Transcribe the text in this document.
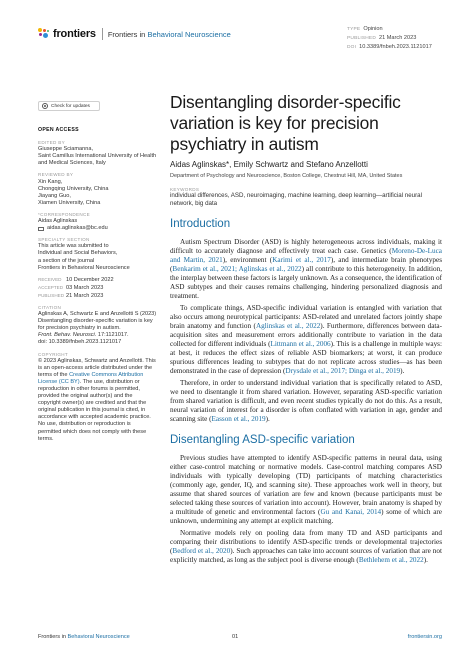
frontiers Frontiers in Behavioral Neuroscience	TYPE Opinion
PUBLISHED 21 March 2023
DOI 10.3389/fnbeh.2023.1121017
Check for updates
OPEN ACCESS
EDITED BY
Giuseppe Sciamanna,
Saint Camillus International University of Health
and Medical Sciences, Italy
REVIEWED BY
Xin Kang,
Chongqing University, China
Jiayang Guo,
Xiamen University, China
*CORRESPONDENCE
Aidas Aglinskas
aidas.aglinskas@bc.edu
SPECIALTY SECTION
This article was submitted to
Individual and Social Behaviors,
a section of the journal
Frontiers in Behavioral Neuroscience
RECEIVED 10 December 2022
ACCEPTED 03 March 2023
PUBLISHED 21 March 2023
CITATION
Aglinskas A, Schwartz E and Anzellotti S (2023)
Disentangling disorder-specific variation is key
for precision psychiatry in autism.
Front. Behav. Neurosci. 17:1121017.
doi: 10.3389/fnbeh.2023.1121017
COPYRIGHT
© 2023 Aglinskas, Schwartz and Anzellotti. This
is an open-access article distributed under the
terms of the Creative Commons Attribution
License (CC BY). The use, distribution or
reproduction in other forums is permitted,
provided the original author(s) and the
copyright owner(s) are credited and that the
original publication in this journal is cited, in
accordance with accepted academic practice.
No use, distribution or reproduction is
permitted which does not comply with these
terms.
Disentangling disorder-specific variation is key for precision psychiatry in autism
Aidas Aglinskas*, Emily Schwartz and Stefano Anzellotti
Department of Psychology and Neuroscience, Boston College, Chestnut Hill, MA, United States
KEYWORDS
individual differences, ASD, neuroimaging, machine learning, deep learning—artificial neural network, big data
Introduction

Autism Spectrum Disorder (ASD) is highly heterogeneous across individuals, making it difficult to accurately diagnose and effectively treat each case. Genetics (Moreno-De-Luca and Martin, 2021), environment (Karimi et al., 2017), and intermediate brain phenotypes (Benkarim et al., 2021; Aglinskas et al., 2022) all contribute to this heterogeneity. In addition, the interplay between these factors is largely unknown. As a consequence, the identification of ASD subtypes and their causes remains challenging, hindering personalized diagnosis and treatment.

To complicate things, ASD-specific individual variation is entangled with variation that also occurs among neurotypical participants: ASD-related and unrelated factors jointly shape brain anatomy and function (Aglinskas et al., 2022). Furthermore, differences between data-acquisition sites and measurement errors additionally contribute to variation in the data collected for different individuals (Littmann et al., 2006). This is a challenge in multiple ways: at best, it reduces the effect sizes of reliable ASD biomarkers; at worst, it can produce spurious differences leading to subtypes that do not replicate across studies—as has been demonstrated in the case of depression (Drysdale et al., 2017; Dinga et al., 2019).

Therefore, in order to understand individual variation that is specifically related to ASD, we need to disentangle it from shared variation. However, separating ASD-specific variation from shared variation is difficult, and even recent studies typically do not do this. As a result, neural variation of interest for a disorder is often conflated with variation in age, gender and scanning site (Easson et al., 2019).

Disentangling ASD-specific variation

Previous studies have attempted to identify ASD-specific patterns in neural data, using either case-control matching or normative models. Case-control matching compares ASD individuals with typically developing (TD) participants of matching characteristics (commonly age, gender, IQ, and scanning site). These approaches work well in theory, but assume that shared sources of variation are few and known (because participants must be selected taking these sources of variation into account). However, brain anatomy is shaped by a multitude of genetic and environmental factors (Gu and Kanai, 2014) some of which are unknown, undermining any attempt at explicit matching.

Normative models rely on pooling data from many TD and ASD participants and comparing their distributions to identify ASD-specific trends or developmental trajectories (Bedford et al., 2020). Such approaches can take into account sources of variation that are not explicitly matched, as long as the subject pool is diverse enough (Bethlehem et al., 2022).

Frontiers in Behavioral Neuroscience	01	frontiersin.org
